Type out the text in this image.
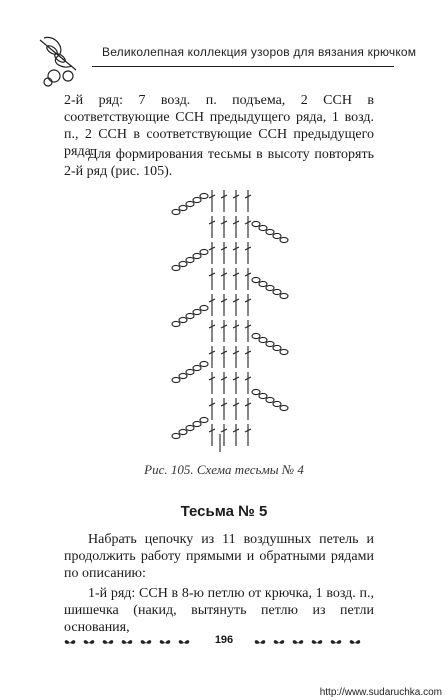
Великолепная коллекция узоров для вязания крючком

2-й ряд: 7 возд. п. подъема, 2 ССН в соответствующие ССН предыдущего ряда, 1 возд. п., 2 ССН в соответствующие ССН предыдущего ряда.

Для формирования тесьмы в высоту повторять 2-й ряд (рис. 105).

Рис. 105. Схема тесьмы № 4
Тесьма № 5

Набрать цепочку из 11 воздушных петель и продолжить работу прямыми и обратными рядами по описанию:

1-й ряд: ССН в 8-ю петлю от крючка, 1 возд. п., шишечка (накид, вытянуть петлю из петли основания,

196
http://www.sudaruchka.com
